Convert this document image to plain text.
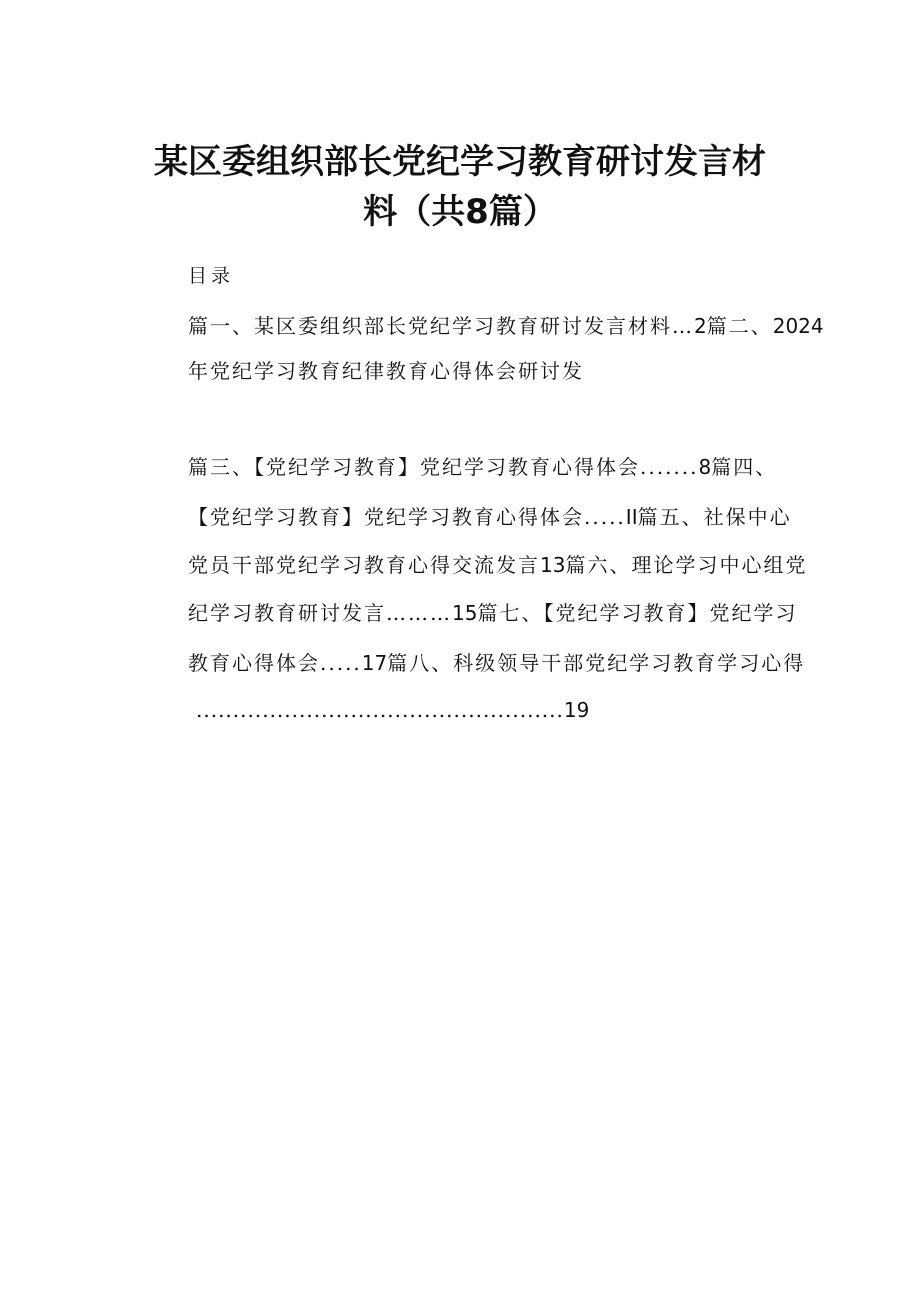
某区委组织部长党纪学习教育研讨发言材
料（共8篇）
目录
篇一、某区委组织部长党纪学习教育研讨发言材料…2篇二、2024
年党纪学习教育纪律教育心得体会研讨发
篇三、【党纪学习教育】党纪学习教育心得体会.......8篇四、
【党纪学习教育】党纪学习教育心得体会.....II篇五、社保中心
党员干部党纪学习教育心得交流发言13篇六、理论学习中心组党
纪学习教育研讨发言………15篇七、【党纪学习教育】党纪学习
教育心得体会.....17篇八、科级领导干部党纪学习教育学习心得
..................................................19
